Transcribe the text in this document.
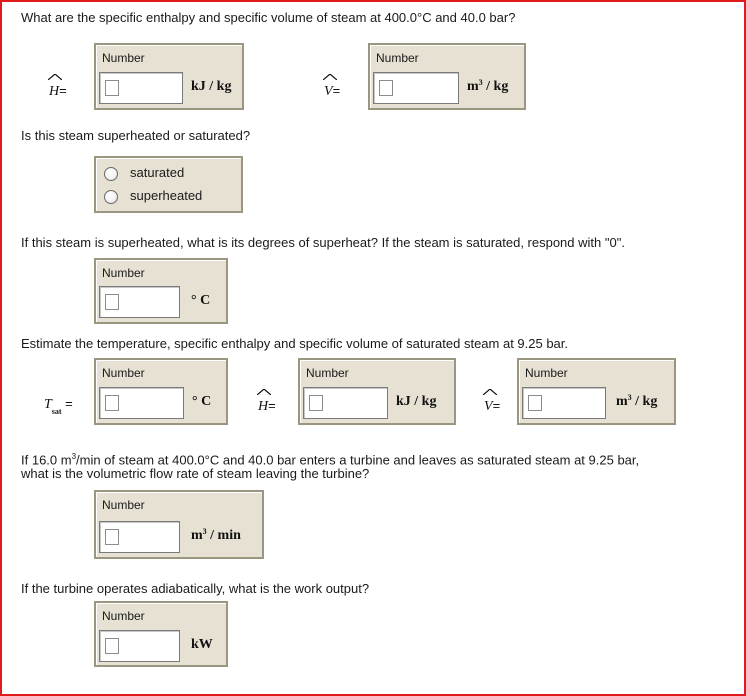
What are the specific enthalpy and specific volume of steam at 400.0°C and 40.0 bar?
H=
Number
kJ / kg	V=
Number
$m^3$ / kg
Is this steam superheated or saturated?
saturated
superheated
If this steam is superheated, what is its degrees of superheat? If the steam is saturated, respond with "0".
Number
° C
Estimate the temperature, specific enthalpy and specific volume of saturated steam at 9.25 bar.
$T_{sat}$ =
Number
° C	H=
Number
kJ / kg	V=
Number
$m^3$ / kg
If 16.0 $m^3/\min$ of steam at 400.0°C and 40.0 bar enters a turbine and leaves as saturated steam at 9.25 bar,
what is the volumetric flow rate of steam leaving the turbine?
Number
$m^3$ / min
If the turbine operates adiabatically, what is the work output?
Number
kW
